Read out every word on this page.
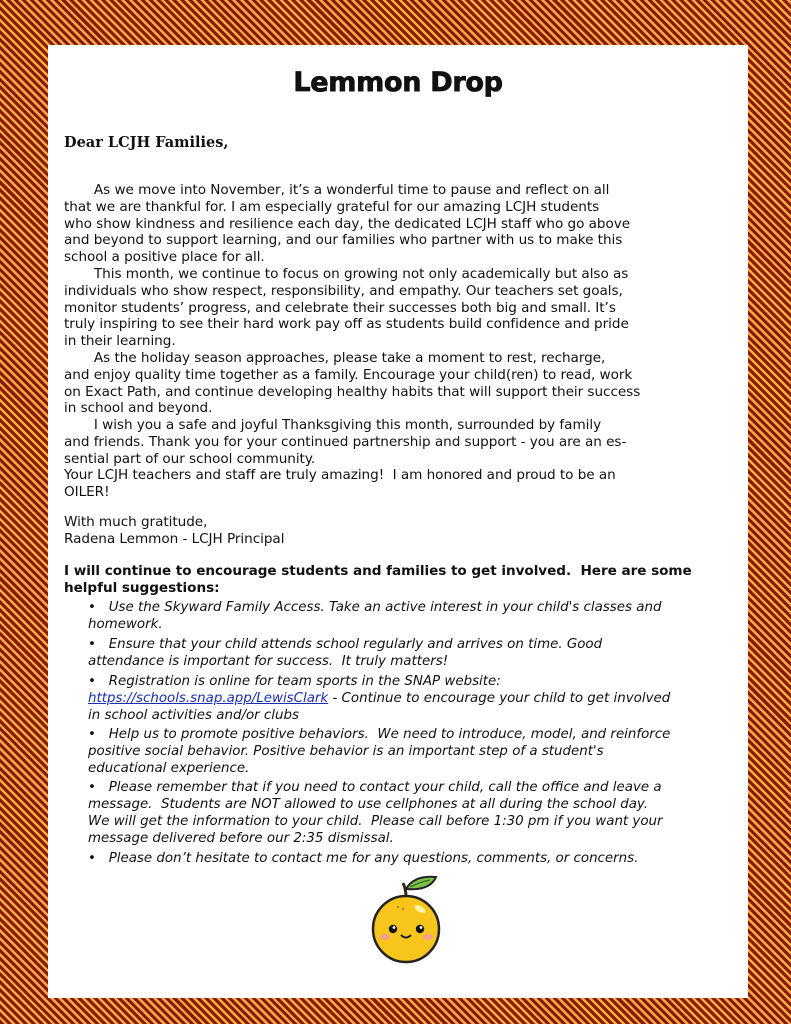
Lemmon Drop
Dear LCJH Families,
As we move into November, it’s a wonderful time to pause and reflect on all
that we are thankful for. I am especially grateful for our amazing LCJH students
who show kindness and resilience each day, the dedicated LCJH staff who go above
and beyond to support learning, and our families who partner with us to make this
school a positive place for all.
This month, we continue to focus on growing not only academically but also as
individuals who show respect, responsibility, and empathy. Our teachers set goals,
monitor students’ progress, and celebrate their successes both big and small. It’s
truly inspiring to see their hard work pay off as students build confidence and pride
in their learning.
As the holiday season approaches, please take a moment to rest, recharge,
and enjoy quality time together as a family. Encourage your child(ren) to read, work
on Exact Path, and continue developing healthy habits that will support their success
in school and beyond.
I wish you a safe and joyful Thanksgiving this month, surrounded by family
and friends. Thank you for your continued partnership and support - you are an es-
sential part of our school community.
Your LCJH teachers and staff are truly amazing!  I am honored and proud to be an
OILER!
With much gratitude,
Radena Lemmon - LCJH Principal
I will continue to encourage students and families to get involved.  Here are some
helpful suggestions:
• Use the Skyward Family Access. Take an active interest in your child's classes and
homework.
• Ensure that your child attends school regularly and arrives on time. Good
attendance is important for success.  It truly matters!
• Registration is online for team sports in the SNAP website:
https://schools.snap.app/LewisClark - Continue to encourage your child to get involved
in school activities and/or clubs
• Help us to promote positive behaviors.  We need to introduce, model, and reinforce
positive social behavior. Positive behavior is an important step of a student's
educational experience.
• Please remember that if you need to contact your child, call the office and leave a
message.  Students are NOT allowed to use cellphones at all during the school day.
We will get the information to your child.  Please call before 1:30 pm if you want your
message delivered before our 2:35 dismissal.
• Please don’t hesitate to contact me for any questions, comments, or concerns.
